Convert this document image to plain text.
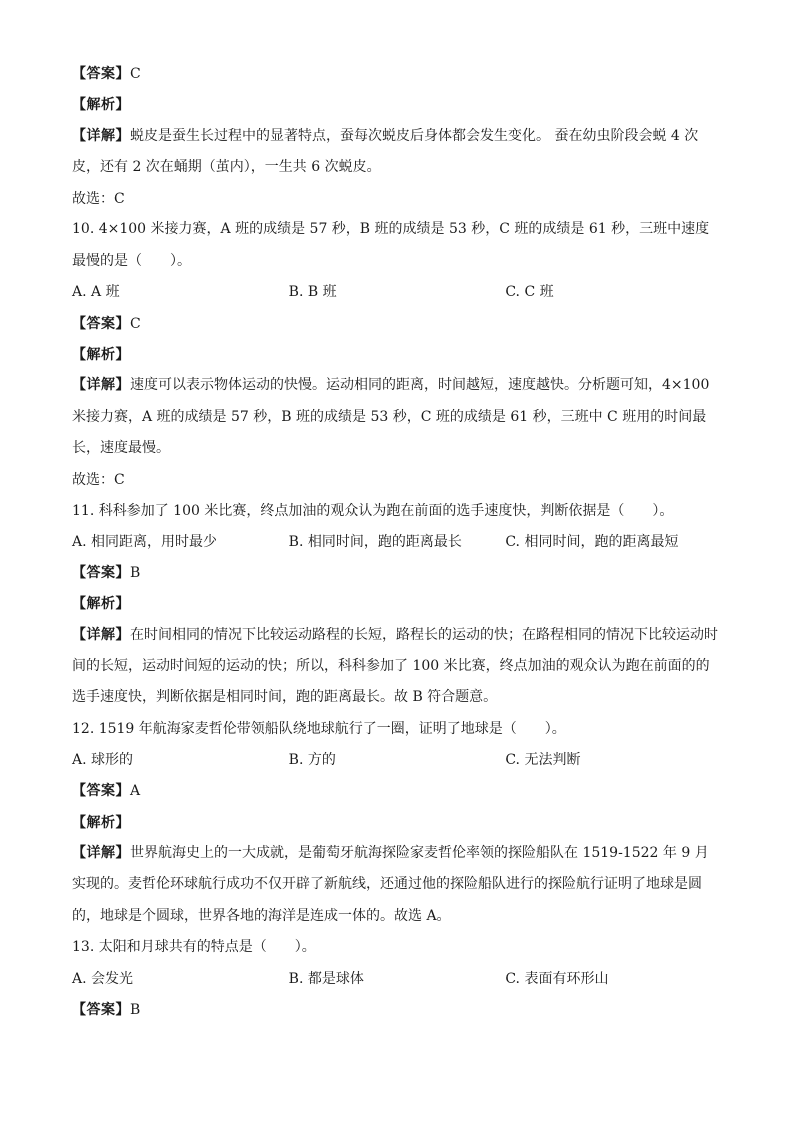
【答案】C
【解析】
【详解】蜕皮是蚕生长过程中的显著特点，蚕每次蜕皮后身体都会发生变化。 蚕在幼虫阶段会蜕 4 次皮，还有 2 次在蛹期（茧内），一生共 6 次蜕皮。
故选：C
10. 4×100 米接力赛，A 班的成绩是 57 秒，B 班的成绩是 53 秒，C 班的成绩是 61 秒，三班中速度最慢的是（　　）。
A. A 班	B. B 班	C. C 班
【答案】C
【解析】
【详解】速度可以表示物体运动的快慢。运动相同的距离，时间越短，速度越快。分析题可知，4×100 米接力赛，A 班的成绩是 57 秒，B 班的成绩是 53 秒，C 班的成绩是 61 秒，三班中 C 班用的时间最长，速度最慢。
故选：C
11. 科科参加了 100 米比赛，终点加油的观众认为跑在前面的选手速度快，判断依据是（　　）。
A. 相同距离，用时最少	B. 相同时间，跑的距离最长	C. 相同时间，跑的距离最短
【答案】B
【解析】
【详解】在时间相同的情况下比较运动路程的长短，路程长的运动的快；在路程相同的情况下比较运动时间的长短，运动时间短的运动的快；所以，科科参加了 100 米比赛，终点加油的观众认为跑在前面的的选手速度快，判断依据是相同时间，跑的距离最长。故 B 符合题意。
12. 1519 年航海家麦哲伦带领船队绕地球航行了一圈，证明了地球是（　　）。
A. 球形的	B. 方的	C. 无法判断
【答案】A
【解析】
【详解】世界航海史上的一大成就，是葡萄牙航海探险家麦哲伦率领的探险船队在 1519-1522 年 9 月实现的。麦哲伦环球航行成功不仅开辟了新航线，还通过他的探险船队进行的探险航行证明了地球是圆的，地球是个圆球，世界各地的海洋是连成一体的。故选 A。
13. 太阳和月球共有的特点是（　　）。
A. 会发光	B. 都是球体	C. 表面有环形山
【答案】B
